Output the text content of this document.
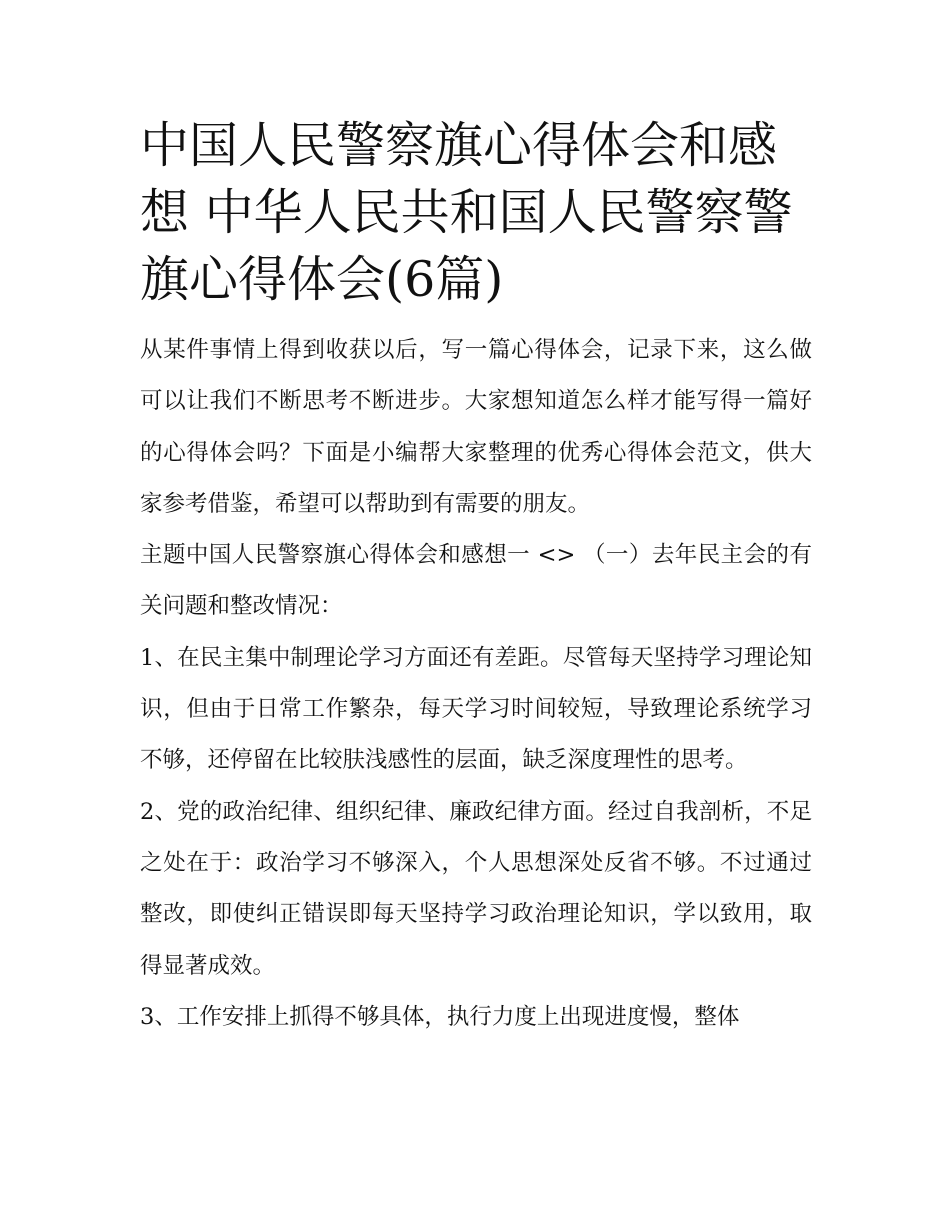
中国人民警察旗心得体会和感想 中华人民共和国人民警察警旗心得体会(6篇)

从某件事情上得到收获以后，写一篇心得体会，记录下来，这么做可以让我们不断思考不断进步。大家想知道怎么样才能写得一篇好的心得体会吗？下面是小编帮大家整理的优秀心得体会范文，供大家参考借鉴，希望可以帮助到有需要的朋友。

主题中国人民警察旗心得体会和感想一 <> （一）去年民主会的有关问题和整改情况：

1、在民主集中制理论学习方面还有差距。尽管每天坚持学习理论知识，但由于日常工作繁杂，每天学习时间较短，导致理论系统学习不够，还停留在比较肤浅感性的层面，缺乏深度理性的思考。

2、党的政治纪律、组织纪律、廉政纪律方面。经过自我剖析，不足之处在于：政治学习不够深入，个人思想深处反省不够。不过通过整改，即使纠正错误即每天坚持学习政治理论知识，学以致用，取得显著成效。

3、工作安排上抓得不够具体，执行力度上出现进度慢，整体
